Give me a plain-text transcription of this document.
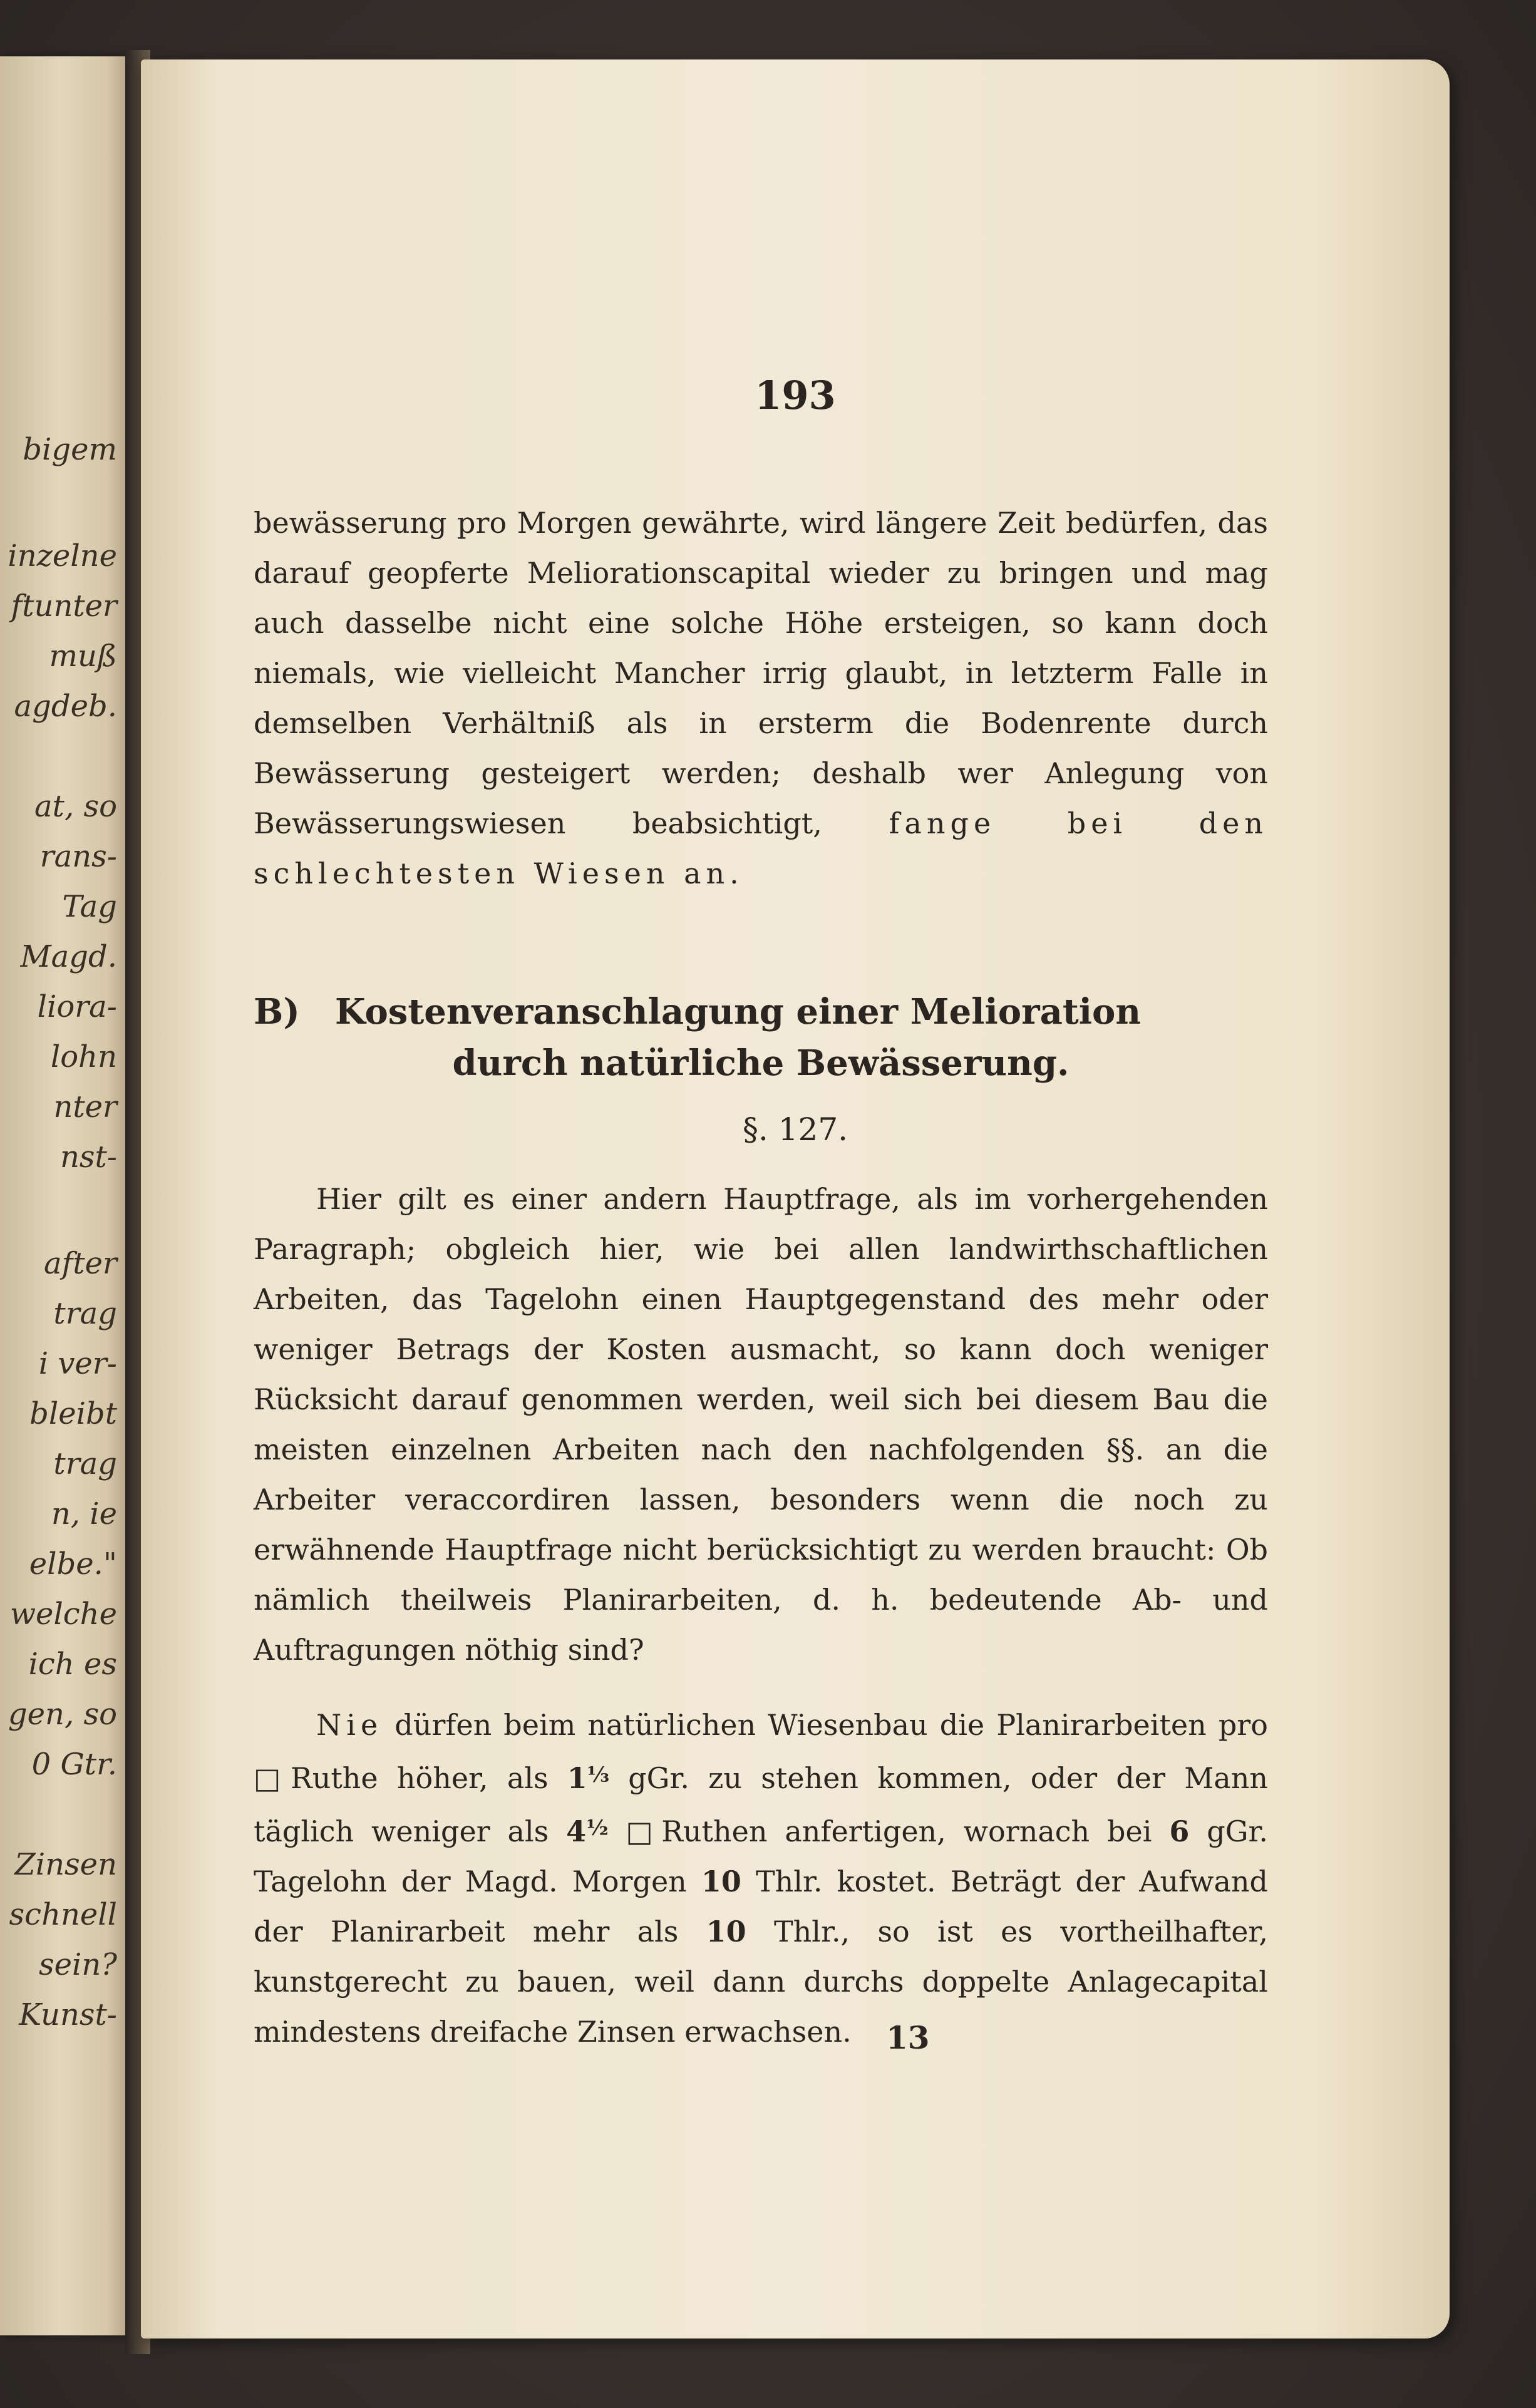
bigem
inzelne
ftunter
muß
agdeb.
at, so
rans-
Tag
Magd.
liora-
lohn
nter
nst-
after
trag
i ver-
bleibt
trag
n, ie
elbe."
welche
ich es
gen, so
0 Gtr.
Zinsen
schnell
sein?
Kunst-
193

bewässerung pro Morgen gewährte, wird längere Zeit bedürfen, das darauf geopferte Meliorationscapital wieder zu bringen und mag auch dasselbe nicht eine solche Höhe ersteigen, so kann doch niemals, wie vielleicht Mancher irrig glaubt, in letzterm Falle in demselben Verhältniß als in ersterm die Bodenrente durch Bewässerung gesteigert werden; deshalb wer Anlegung von Bewässerungswiesen beabsichtigt, fange bei den schlechtesten Wiesen an.

B) Kostenveranschlagung einer Melioration
durch natürliche Bewässerung.
§. 127.

Hier gilt es einer andern Hauptfrage, als im vorhergehenden Paragraph; obgleich hier, wie bei allen landwirthschaftlichen Arbeiten, das Tagelohn einen Hauptgegenstand des mehr oder weniger Betrags der Kosten ausmacht, so kann doch weniger Rücksicht darauf genommen werden, weil sich bei diesem Bau die meisten einzelnen Arbeiten nach den nachfolgenden §§. an die Arbeiter veraccordiren lassen, besonders wenn die noch zu erwähnende Hauptfrage nicht berücksichtigt zu werden braucht: Ob nämlich theilweis Planirarbeiten, d. h. bedeutende Ab- und Auftragungen nöthig sind?

Nie dürfen beim natürlichen Wiesenbau die Planirarbeiten pro □Ruthe höher, als $1^{\frac{1}{3}}$ gGr. zu stehen kommen, oder der Mann täglich weniger als $4^{\frac{1}{2}}$ □Ruthen anfertigen, wornach bei 6 gGr. Tagelohn der Magd. Morgen 10 Thlr. kostet. Beträgt der Aufwand der Planirarbeit mehr als 10 Thlr., so ist es vortheilhafter, kunstgerecht zu bauen, weil dann durchs doppelte Anlagecapital mindestens dreifache Zinsen erwachsen.	13
